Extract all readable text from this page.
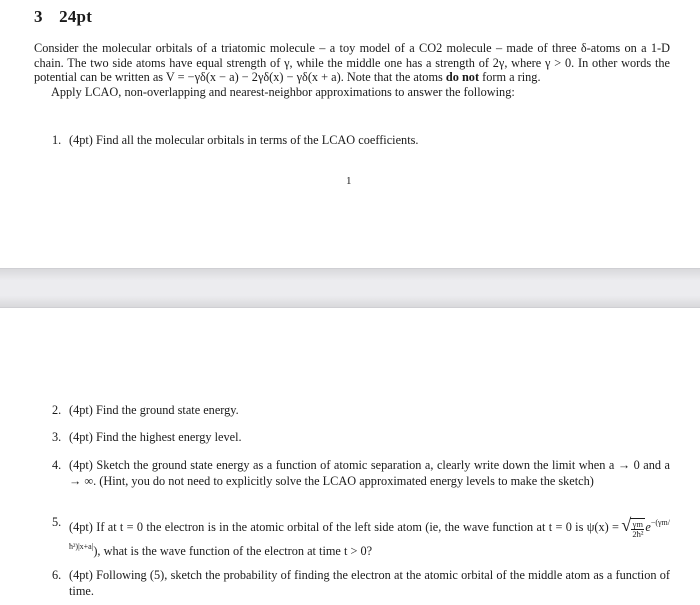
3 24pt

Consider the molecular orbitals of a triatomic molecule – a toy model of a CO2 molecule – made of three δ-atoms on a 1-D chain. The two side atoms have equal strength of γ, while the middle one has a strength of 2γ, where γ > 0. In other words the potential can be written as V = −γδ(x − a) − 2γδ(x) − γδ(x + a). Note that the atoms do not form a ring.

Apply LCAO, non-overlapping and nearest-neighbor approximations to answer the following:

1. (4pt) Find all the molecular orbitals in terms of the LCAO coefficients.
1
2. (4pt) Find the ground state energy.
3. (4pt) Find the highest energy level.
4. (4pt) Sketch the ground state energy as a function of atomic separation a, clearly write down the limit when a → 0 and a → ∞. (Hint, you do not need to explicitly solve the LCAO approximated energy levels to make the sketch)
5. (4pt) If at t = 0 the electron is in the atomic orbital of the left side atom (ie, the wave function at t = 0 is ψ(x) =
√ $\frac{\gamma m}{\text{2ħ²}} e^{-(\gamma m/ħ^2)|x+a|}$), what is the wave function of the electron at time t > 0?
6. (4pt) Following (5), sketch the probability of finding the electron at the atomic orbital of the middle atom as a function of time.
